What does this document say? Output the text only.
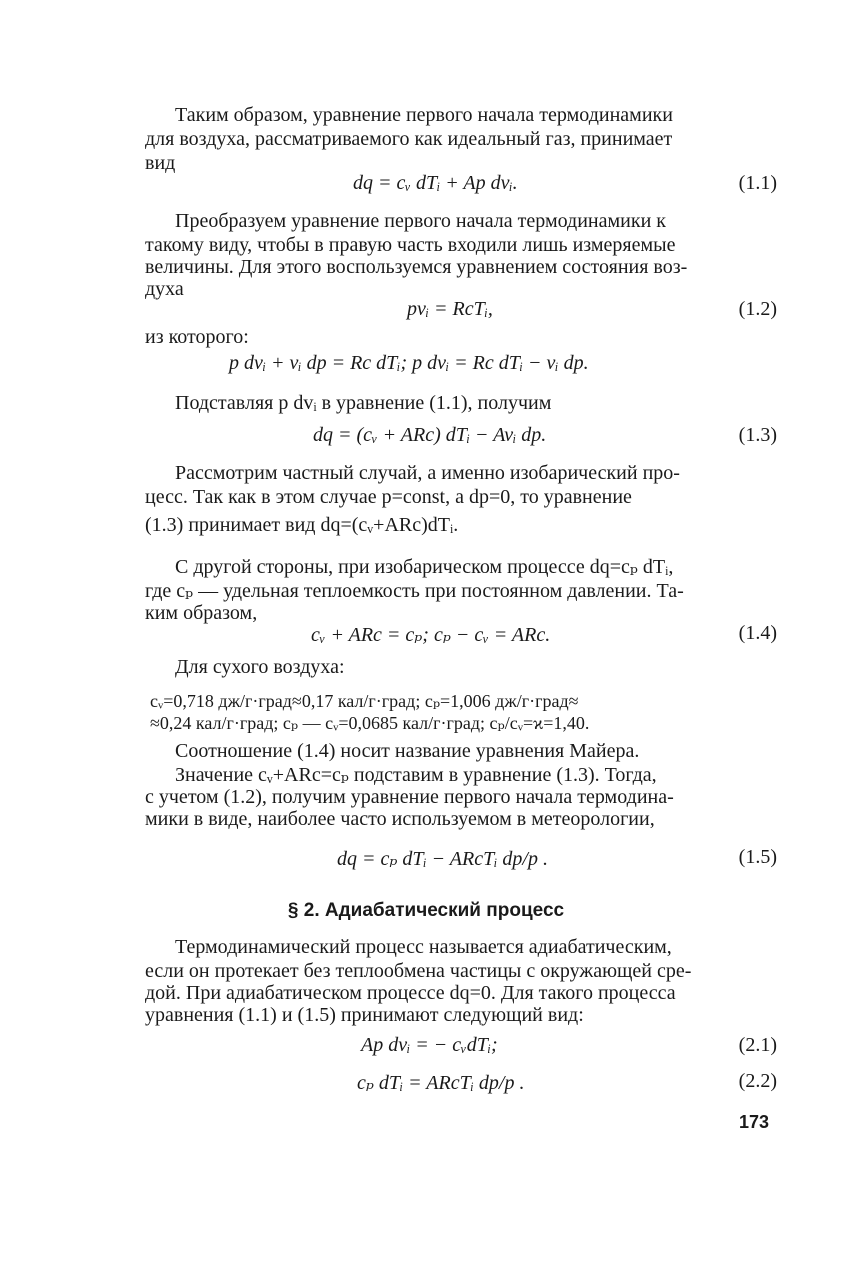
Таким образом, уравнение первого начала термодинамики
для воздуха, рассматриваемого как идеальный газ, принимает
вид
dq = cᵥ dTᵢ + Ap dvᵢ.	(1.1)
Преобразуем уравнение первого начала термодинамики к
такому виду, чтобы в правую часть входили лишь измеряемые
величины. Для этого воспользуемся уравнением состояния воз-
духа
pvᵢ = RcTᵢ,	(1.2)
из которого:
p dvᵢ + vᵢ dp = Rc dTᵢ; p dvᵢ = Rc dTᵢ − vᵢ dp.
Подставляя p dvᵢ в уравнение (1.1), получим
dq = (cᵥ + ARc) dTᵢ − Avᵢ dp.	(1.3)
Рассмотрим частный случай, а именно изобарический про-
цесс. Так как в этом случае p=const, а dp=0, то уравнение
(1.3) принимает вид dq=(cᵥ+ARc)dTᵢ.
С другой стороны, при изобарическом процессе dq=cₚ dTᵢ,
где cₚ — удельная теплоемкость при постоянном давлении. Та-
ким образом,
cᵥ + ARc = cₚ; cₚ − cᵥ = ARc.	(1.4)
Для сухого воздуха:
cᵥ=0,718 дж/г·град≈0,17 кал/г·град; cₚ=1,006 дж/г·град≈
≈0,24 кал/г·град; cₚ — cᵥ=0,0685 кал/г·град; cₚ/cᵥ=ϰ=1,40.
Соотношение (1.4) носит название уравнения Майера.
Значение cᵥ+ARc=cₚ подставим в уравнение (1.3). Тогда,
с учетом (1.2), получим уравнение первого начала термодина-
мики в виде, наиболее часто используемом в метеорологии,
dq = cₚ dTᵢ − ARcTᵢ dp/p .	(1.5)
§ 2. Адиабатический процесс
Термодинамический процесс называется адиабатическим,
если он протекает без теплообмена частицы с окружающей сре-
дой. При адиабатическом процессе dq=0. Для такого процесса
уравнения (1.1) и (1.5) принимают следующий вид:
Ap dvᵢ = − cᵥdTᵢ;	(2.1)
cₚ dTᵢ = ARcTᵢ dp/p .	(2.2)
173
